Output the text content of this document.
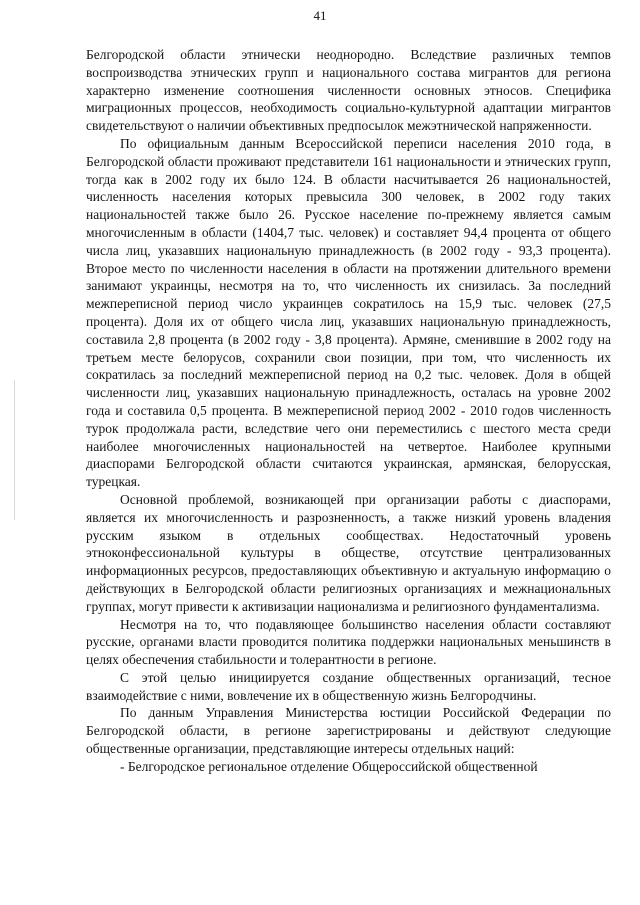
41

Белгородской области этнически неоднородно. Вследствие различных темпов воспроизводства этнических групп и национального состава мигрантов для региона характерно изменение соотношения численности основных этносов. Специфика миграционных процессов, необходимость социально-культурной адаптации мигрантов свидетельствуют о наличии объективных предпосылок межэтнической напряженности.

По официальным данным Всероссийской переписи населения 2010 года, в Белгородской области проживают представители 161 национальности и этнических групп, тогда как в 2002 году их было 124. В области насчитывается 26 национальностей, численность населения которых превысила 300 человек, в 2002 году таких национальностей также было 26. Русское население по-прежнему является самым многочисленным в области (1404,7 тыс. человек) и составляет 94,4 процента от общего числа лиц, указавших национальную принадлежность (в 2002 году - 93,3 процента). Второе место по численности населения в области на протяжении длительного времени занимают украинцы, несмотря на то, что численность их снизилась. За последний межпереписной период число украинцев сократилось на 15,9 тыс. человек (27,5 процента). Доля их от общего числа лиц, указавших национальную принадлежность, составила 2,8 процента (в 2002 году - 3,8 процента). Армяне, сменившие в 2002 году на третьем месте белорусов, сохранили свои позиции, при том, что численность их сократилась за последний межпереписной период на 0,2 тыс. человек. Доля в общей численности лиц, указавших национальную принадлежность, осталась на уровне 2002 года и составила 0,5 процента. В межпереписной период 2002 - 2010 годов численность турок продолжала расти, вследствие чего они переместились с шестого места среди наиболее многочисленных национальностей на четвертое. Наиболее крупными диаспорами Белгородской области считаются украинская, армянская, белорусская, турецкая.

Основной проблемой, возникающей при организации работы с диаспорами, является их многочисленность и разрозненность, а также низкий уровень владения русским языком в отдельных сообществах. Недостаточный уровень этноконфессиональной культуры в обществе, отсутствие централизованных информационных ресурсов, предоставляющих объективную и актуальную информацию о действующих в Белгородской области религиозных организациях и межнациональных группах, могут привести к активизации национализма и религиозного фундаментализма.

Несмотря на то, что подавляющее большинство населения области составляют русские, органами власти проводится политика поддержки национальных меньшинств в целях обеспечения стабильности и толерантности в регионе.

С этой целью инициируется создание общественных организаций, тесное взаимодействие с ними, вовлечение их в общественную жизнь Белгородчины.

По данным Управления Министерства юстиции Российской Федерации по Белгородской области, в регионе зарегистрированы и действуют следующие общественные организации, представляющие интересы отдельных наций:

- Белгородское региональное отделение Общероссийской общественной
